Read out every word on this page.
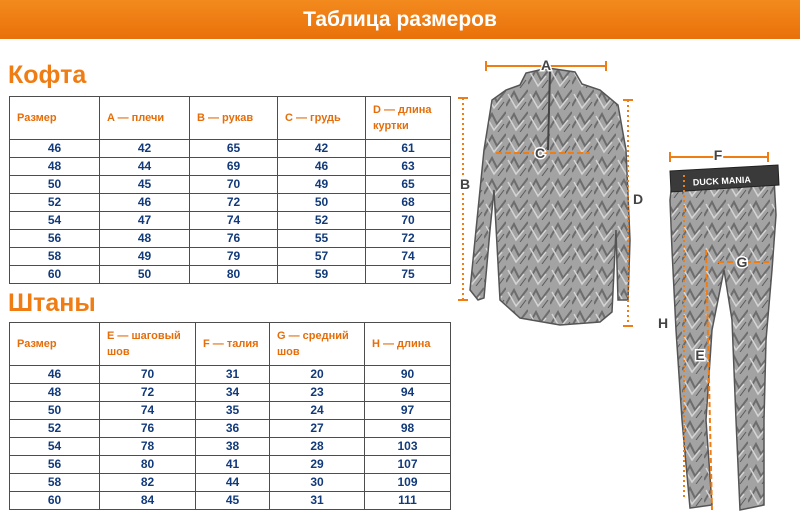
Таблица размеров
Кофта
Размер	A — плечи	B — рукав	C — грудь	D — длина куртки
46	42	65	42	61
48	44	69	46	63
50	45	70	49	65
52	46	72	50	68
54	47	74	52	70
56	48	76	55	72
58	49	79	57	74
60	50	80	59	75
Штаны
Размер	E — шаговый шов	F — талия	G — средний шов	H — длина
46	70	31	20	90
48	72	34	23	94
50	74	35	24	97
52	76	36	27	98
54	78	38	28	103
56	80	41	29	107
58	82	44	30	109
60	84	45	31	111
A
B
C
D
DUCK MANIA
F
G
H
E
